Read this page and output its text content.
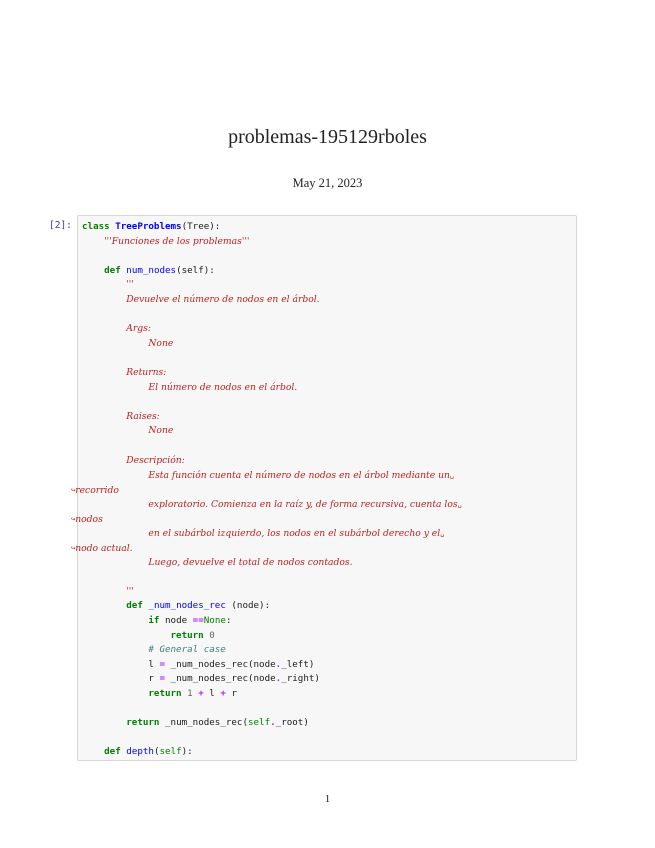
problemas-195129rboles
May 21, 2023
[2]:	class TreeProblems(Tree):
'''Funciones de los problemas'''
def num_nodes(self):
'''
Devuelve el número de nodos en el árbol.
Args:
None
Returns:
El número de nodos en el árbol.
Raises:
None
Descripción:
Esta función cuenta el número de nodos en el árbol mediante un␣
↪recorrido
exploratorio. Comienza en la raíz y, de forma recursiva, cuenta los␣
↪nodos
en el subárbol izquierdo, los nodos en el subárbol derecho y el␣
↪nodo actual.
Luego, devuelve el total de nodos contados.
'''
def _num_nodes_rec (node):
if node ==None:
return 0
# General case
l = _num_nodes_rec(node._left)
r = _num_nodes_rec(node._right)
return 1 + l + r
return _num_nodes_rec(self._root)
def depth(self):
1
